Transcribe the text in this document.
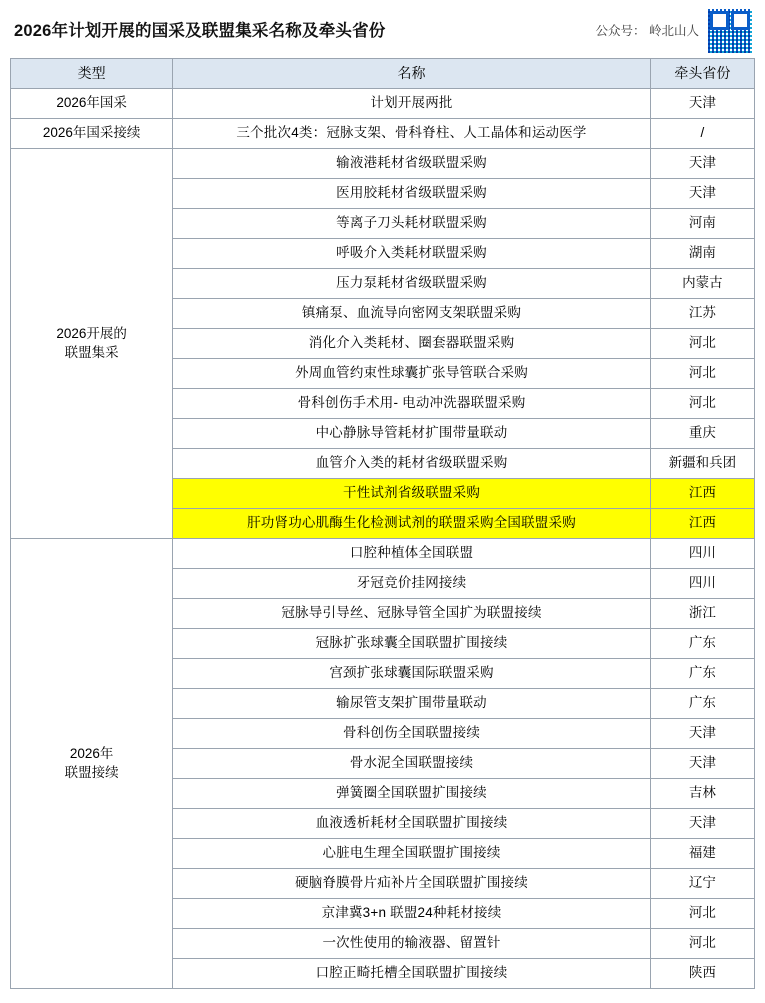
2026年计划开展的国采及联盟集采名称及牵头省份	公众号： 岭北山人
类型	名称	牵头省份
2026年国采	计划开展两批	天津
2026年国采接续	三个批次4类：冠脉支架、骨科脊柱、人工晶体和运动医学	/

2026开展的
联盟集采	输液港耗材省级联盟采购	天津
	医用胶耗材省级联盟采购	天津
	等离子刀头耗材联盟采购	河南
	呼吸介入类耗材联盟采购	湖南
	压力泵耗材省级联盟采购	内蒙古
	镇痛泵、血流导向密网支架联盟采购	江苏
	消化介入类耗材、圈套器联盟采购	河北
	外周血管约束性球囊扩张导管联合采购	河北
	骨科创伤手术用- 电动冲洗器联盟采购	河北
	中心静脉导管耗材扩围带量联动	重庆
	血管介入类的耗材省级联盟采购	新疆和兵团
	干性试剂省级联盟采购	江西
	肝功肾功心肌酶生化检测试剂的联盟采购全国联盟采购	江西

2026年
联盟接续	口腔种植体全国联盟	四川
	牙冠竞价挂网接续	四川
	冠脉导引导丝、冠脉导管全国扩为联盟接续	浙江
	冠脉扩张球囊全国联盟扩围接续	广东
	宫颈扩张球囊国际联盟采购	广东
	输尿管支架扩围带量联动	广东
	骨科创伤全国联盟接续	天津
	骨水泥全国联盟接续	天津
	弹簧圈全国联盟扩围接续	吉林
	血液透析耗材全国联盟扩围接续	天津
	心脏电生理全国联盟扩围接续	福建
	硬脑脊膜骨片疝补片全国联盟扩围接续	辽宁
	京津冀3+n 联盟24种耗材接续	河北
	一次性使用的输液器、留置针	河北
	口腔正畸托槽全国联盟扩围接续	陕西
